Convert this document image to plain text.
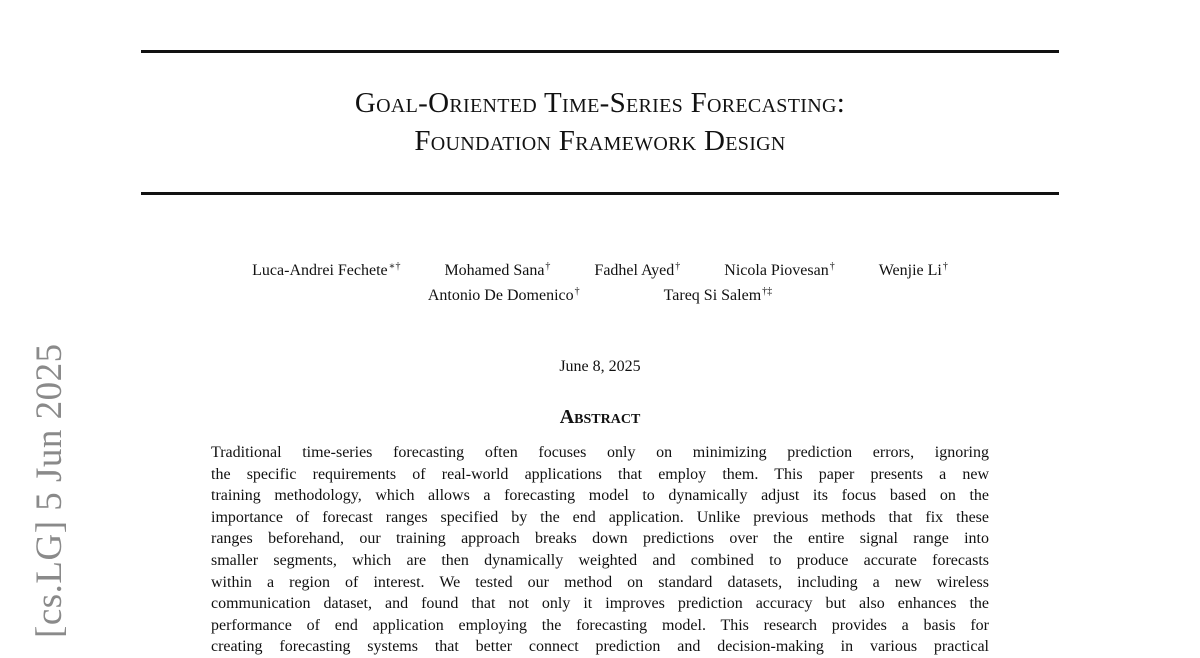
[cs.LG] 5 Jun 2025
Goal-Oriented Time-Series Forecasting:
Foundation Framework Design
Luca-Andrei Fechete∗†	Mohamed Sana†	Fadhel Ayed†	Nicola Piovesan†	Wenjie Li†
Antonio De Domenico†	Tareq Si Salem†‡
June 8, 2025
Abstract
Traditional time-series forecasting often focuses only on minimizing prediction errors, ignoring
the specific requirements of real-world applications that employ them. This paper presents a new
training methodology, which allows a forecasting model to dynamically adjust its focus based on the
importance of forecast ranges specified by the end application. Unlike previous methods that fix these
ranges beforehand, our training approach breaks down predictions over the entire signal range into
smaller segments, which are then dynamically weighted and combined to produce accurate forecasts
within a region of interest. We tested our method on standard datasets, including a new wireless
communication dataset, and found that not only it improves prediction accuracy but also enhances the
performance of end application employing the forecasting model. This research provides a basis for
creating forecasting systems that better connect prediction and decision-making in various practical
